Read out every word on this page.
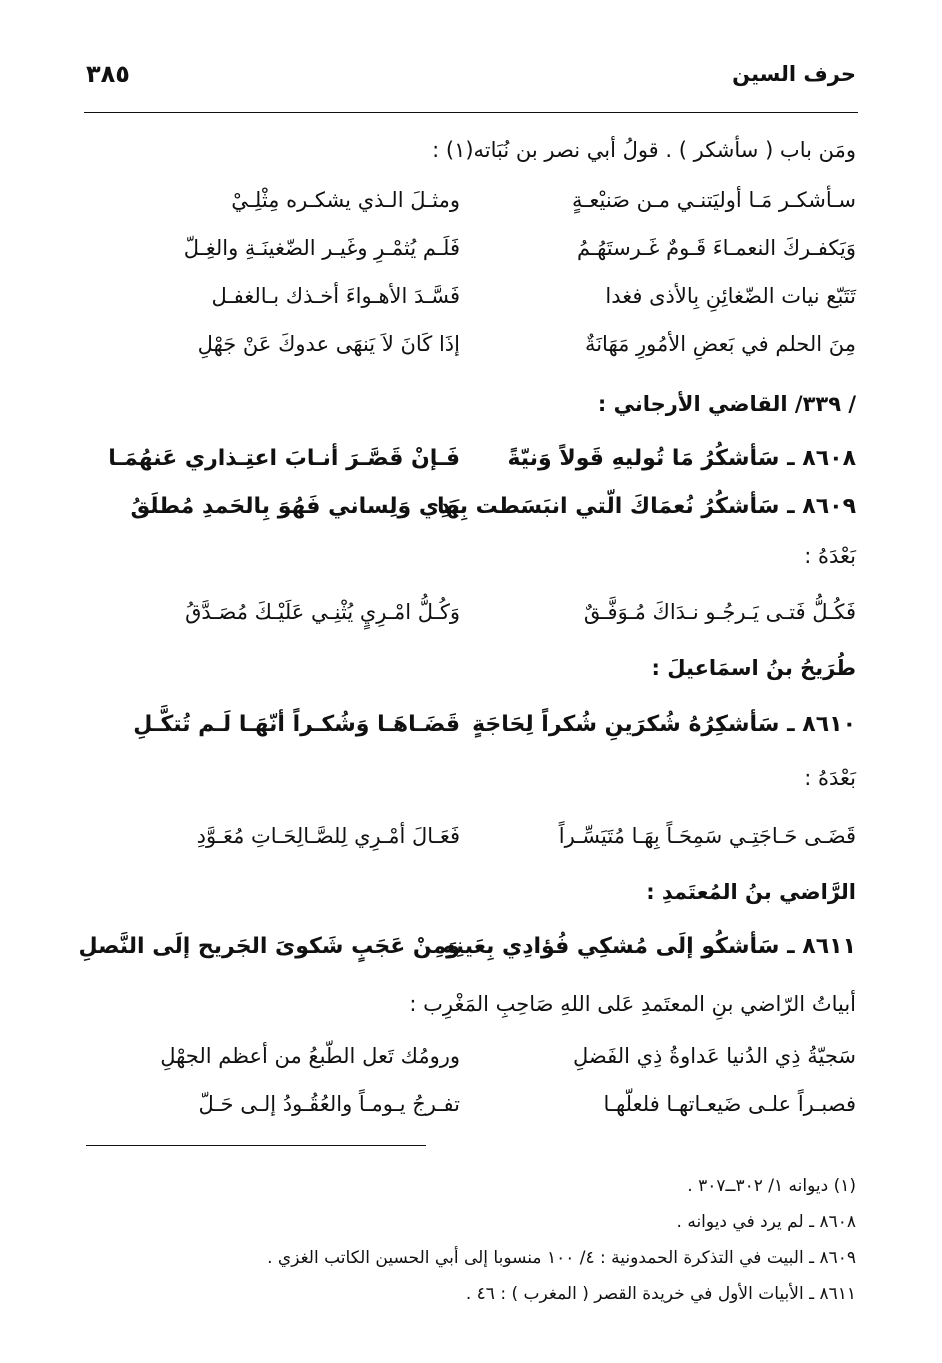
حرف السين
٣٨٥
ومَن باب ( سأشكر ) . قولُ أبي نصر بن نُبَاته(١) :
سـأشكـر مَـا أوليَتنـي مـن صَنيْعـةٍ
ومثـلَ الـذي يشكـره مِثْلِـيْ
وَيَكفـركَ النعمـاءَ قَـومٌ غَـرستَهُـمُ
فَلَـم يُثمْـرِ وغَيـر الضّغينَـةِ والغِـلّ
تَتَبّع نيات الضّغائِنِ بِالأذى فغدا
فَسَّـدَ الأهـواءَ أخـذك بـالغفـل
مِنَ الحلم في بَعضِ الأمُورِ مَهَانَةٌ
إذَا كَانَ لاَ يَنهَى عدوكَ عَنْ جَهْلِ
/ ٣٣٩/ القاضي الأرجاني :
٨٦٠٨ ـ سَأشكُرُ مَا تُوليهِ قَولاً وَنيّةً
فَـإنْ قَصَّـرَ أنـابَ اعتِـذاري عَنهُمَـا
٨٦٠٩ ـ سَأشكُرُ نُعمَاكَ الّتي انبَسَطت بِهَا
يَدِي وَلِساني فَهُوَ بِالحَمدِ مُطلَقُ
بَعْدَهُ :
فَكُـلُّ فَتـى يَـرجُـو نـدَاكَ مُـوَفَّـقٌ
وَكُـلُّ امْـرِيٍ يُثْنِـي عَلَيْـكَ مُصَـدَّقُ
طُرَيحُ بنُ اسمَاعيلَ :
٨٦١٠ ـ سَأشكِرُهُ شُكرَينِ شُكراً لِحَاجَةٍ
قَضَـاهَـا وَشُكـراً أنّهَـا لَـم تُتكَّـلِ
بَعْدَهُ :
قَضَـى حَـاجَتِـي سَمِحَـاً بِهَـا مُتَيَسِّـراً
فَعَـالَ أمْـرِي لِلصَّـالِحَـاتِ مُعَـوَّدِ
الرَّاضي بنُ المُعتَمدِ :
٨٦١١ ـ سَأشكُو إلَى مُشكِي فُؤادِي بِعَينِهِ
وَمِنْ عَجَبٍ شَكوىَ الجَريح إلَى النَّصلِ
أبياتُ الرّاضي بنِ المعتَمدِ عَلى اللهِ صَاحِبِ المَغْرِب :
سَجيّةُ ذِي الدُنيا عَداوةُ ذِي الفَضلِ
ورومُك تَعل الطّبعُ من أعظم الجهْلِ
فصبـراً علـى ضَيعـاتهـا فلعلّهـا
تفـرجُ يـومـاً والعُقُـودُ إلـى حَـلّ
(١) ديوانه ١/ ٣٠٢ــ٣٠٧ .
٨٦٠٨ ـ لم يرد في ديوانه .
٨٦٠٩ ـ البيت في التذكرة الحمدونية : ٤/ ١٠٠ منسوبا إلى أبي الحسين الكاتب الغزي .
٨٦١١ ـ الأبيات الأول في خريدة القصر ( المغرب ) : ٤٦ .
